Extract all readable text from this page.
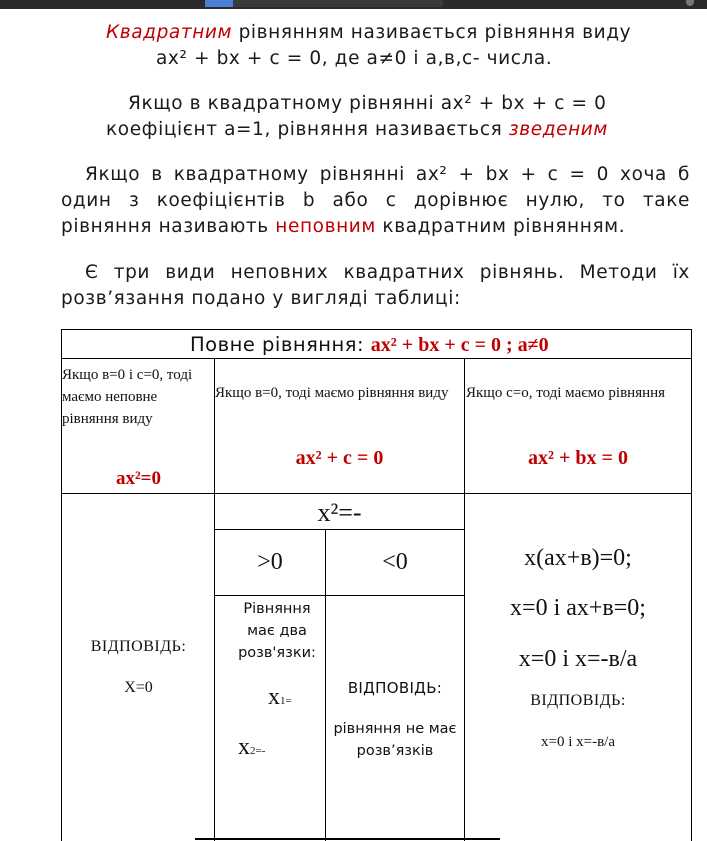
Квадратним рівнянням називається рівняння виду
ax² + bx + c = 0, де a≠0 і a,в,c- числа.
Якщо в квадратному рівнянні ax² + bx + c = 0
коефіцієнт a=1, рівняння називається зведеним
Якщо в квадратному рівнянні ax² + bx + c = 0 хоча б один з коефіцієнтів b або c дорівнює нулю, то таке рівняння називають неповним квадратним рівнянням.
Є три види неповних квадратних рівнянь. Методи їх розв’язання подано у вигляді таблиці:
Повне рівняння: ax² + bx + c = 0 ; a≠0
Якщо в=0 і с=0, тоді маємо неповне рівняння виду
ax²=0
Якщо в=0, тоді маємо рівняння виду
ax² + c = 0
Якщо с=о, тоді маємо рівняння
ax² + bx = 0
ВІДПОВІДЬ:
Х=0
x²=-
>0	<0
Рівняння має два розв'язки:
x1=
x2=-
ВІДПОВІДЬ:
рівняння не має розв’язків
х(ах+в)=0;
х=0 і ах+в=0;
х=0 і х=-в/а
ВІДПОВІДЬ:
х=0 і х=-в/а
